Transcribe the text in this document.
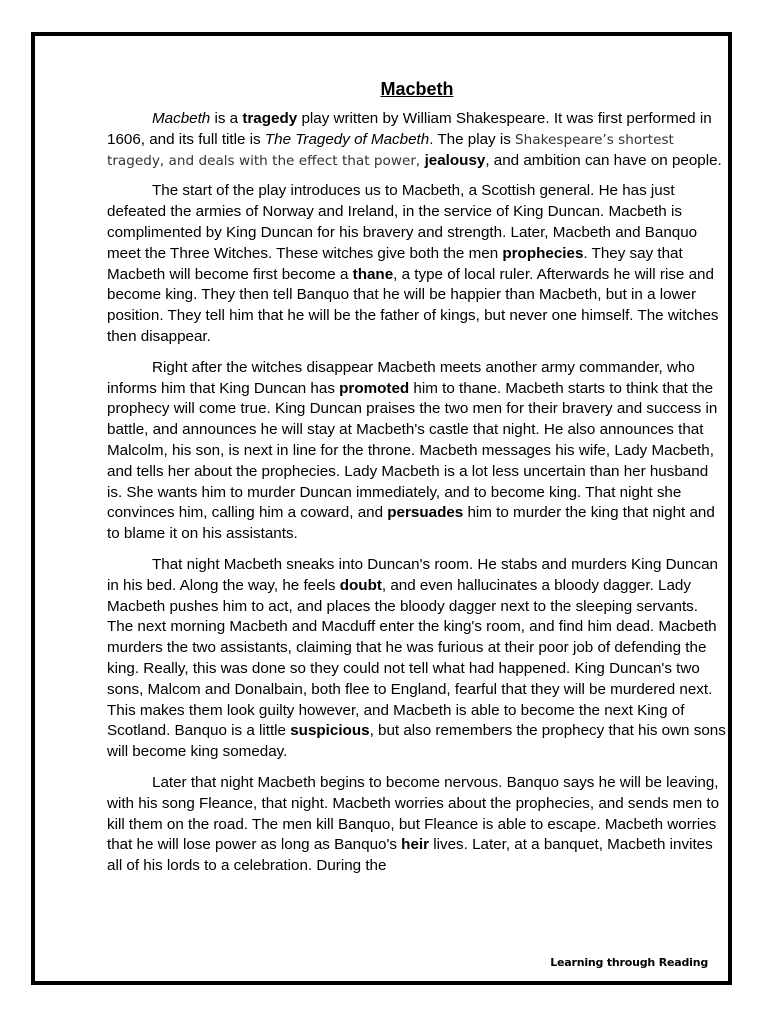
Macbeth

Macbeth is a tragedy play written by William Shakespeare. It was first performed in 1606, and its full title is The Tragedy of Macbeth. The play is Shakespeare’s shortest tragedy, and deals with the effect that power, jealousy, and ambition can have on people.

The start of the play introduces us to Macbeth, a Scottish general. He has just defeated the armies of Norway and Ireland, in the service of King Duncan. Macbeth is complimented by King Duncan for his bravery and strength. Later, Macbeth and Banquo meet the Three Witches. These witches give both the men prophecies. They say that Macbeth will become first become a thane, a type of local ruler. Afterwards he will rise and become king. They then tell Banquo that he will be happier than Macbeth, but in a lower position. They tell him that he will be the father of kings, but never one himself. The witches then disappear.

Right after the witches disappear Macbeth meets another army commander, who informs him that King Duncan has promoted him to thane. Macbeth starts to think that the prophecy will come true. King Duncan praises the two men for their bravery and success in battle, and announces he will stay at Macbeth's castle that night. He also announces that Malcolm, his son, is next in line for the throne. Macbeth messages his wife, Lady Macbeth, and tells her about the prophecies. Lady Macbeth is a lot less uncertain than her husband is. She wants him to murder Duncan immediately, and to become king. That night she convinces him, calling him a coward, and persuades him to murder the king that night and to blame it on his assistants.

That night Macbeth sneaks into Duncan's room. He stabs and murders King Duncan in his bed. Along the way, he feels doubt, and even hallucinates a bloody dagger. Lady Macbeth pushes him to act, and places the bloody dagger next to the sleeping servants. The next morning Macbeth and Macduff enter the king's room, and find him dead. Macbeth murders the two assistants, claiming that he was furious at their poor job of defending the king. Really, this was done so they could not tell what had happened. King Duncan's two sons, Malcom and Donalbain, both flee to England, fearful that they will be murdered next. This makes them look guilty however, and Macbeth is able to become the next King of Scotland. Banquo is a little suspicious, but also remembers the prophecy that his own sons will become king someday.

Later that night Macbeth begins to become nervous. Banquo says he will be leaving, with his song Fleance, that night. Macbeth worries about the prophecies, and sends men to kill them on the road. The men kill Banquo, but Fleance is able to escape. Macbeth worries that he will lose power as long as Banquo's heir lives. Later, at a banquet, Macbeth invites all of his lords to a celebration. During the

Learning through Reading
